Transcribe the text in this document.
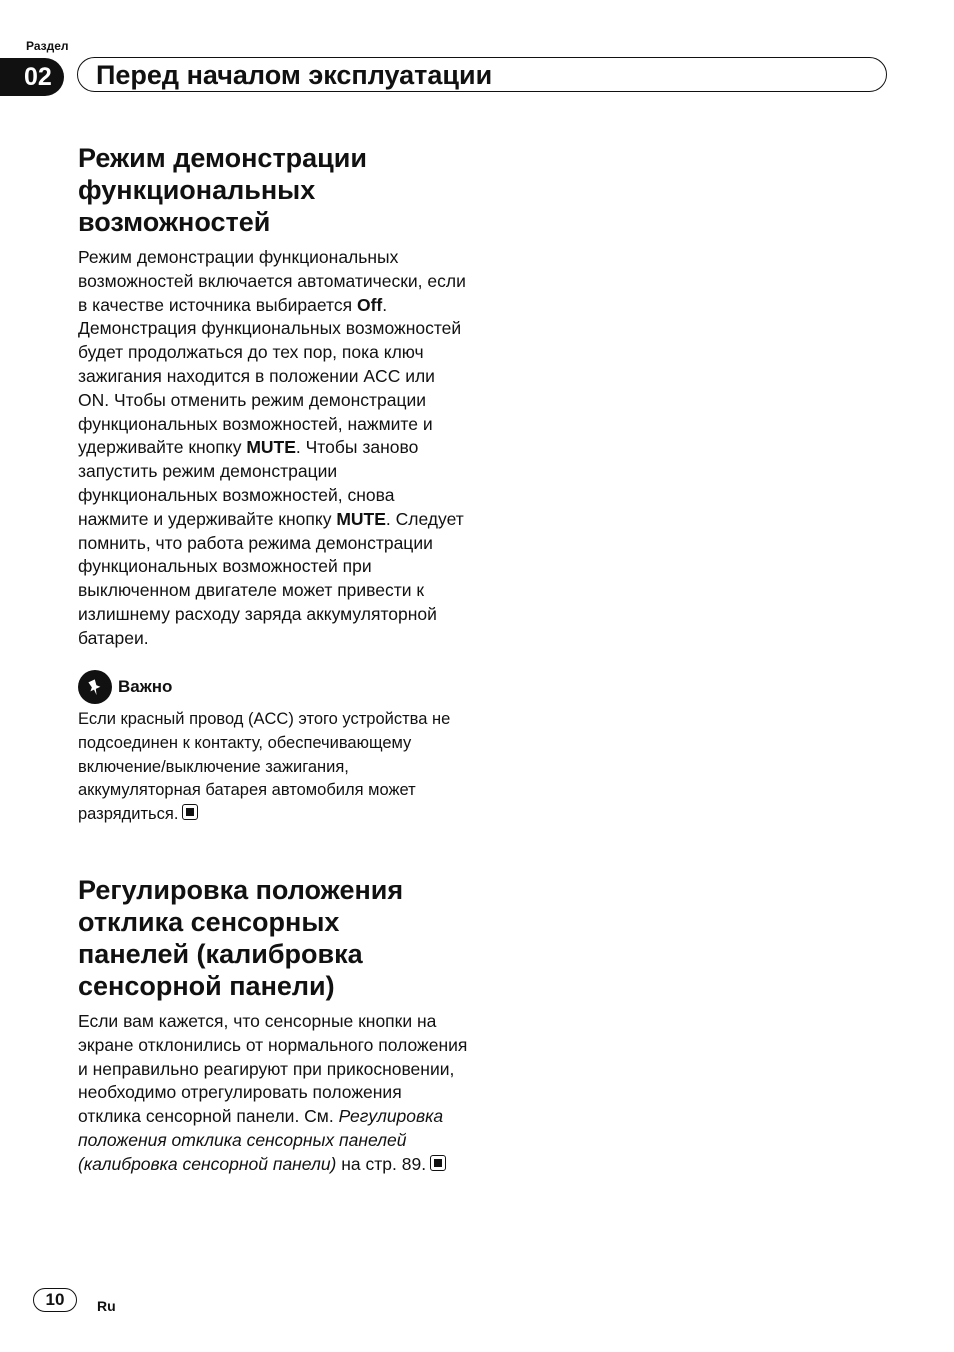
Раздел
02	Перед началом эксплуатации
Режим демонстрации функциональных возможностей

Режим демонстрации функциональных возможностей включается автоматически, если в качестве источника выбирается Off. Демонстрация функциональных возможностей будет продолжаться до тех пор, пока ключ зажигания находится в положении ACC или ON. Чтобы отменить режим демонстрации функциональных возможностей, нажмите и удерживайте кнопку MUTE. Чтобы заново запустить режим демонстрации функциональных возможностей, снова нажмите и удерживайте кнопку MUTE. Следует помнить, что работа режима демонстрации функциональных возможностей при выключенном двигателе может привести к излишнему расходу заряда аккумуляторной батареи.

Важно

Если красный провод (ACC) этого устройства не подсоединен к контакту, обеспечивающему включение/выключение зажигания, аккумуляторная батарея автомобиля может разрядиться.

Регулировка положения отклика сенсорных панелей (калибровка сенсорной панели)

Если вам кажется, что сенсорные кнопки на экране отклонились от нормального положения и неправильно реагируют при прикосновении, необходимо отрегулировать положения отклика сенсорной панели. См. Регулировка положения отклика сенсорных панелей (калибровка сенсорной панели) на стр. 89.

10	Ru
